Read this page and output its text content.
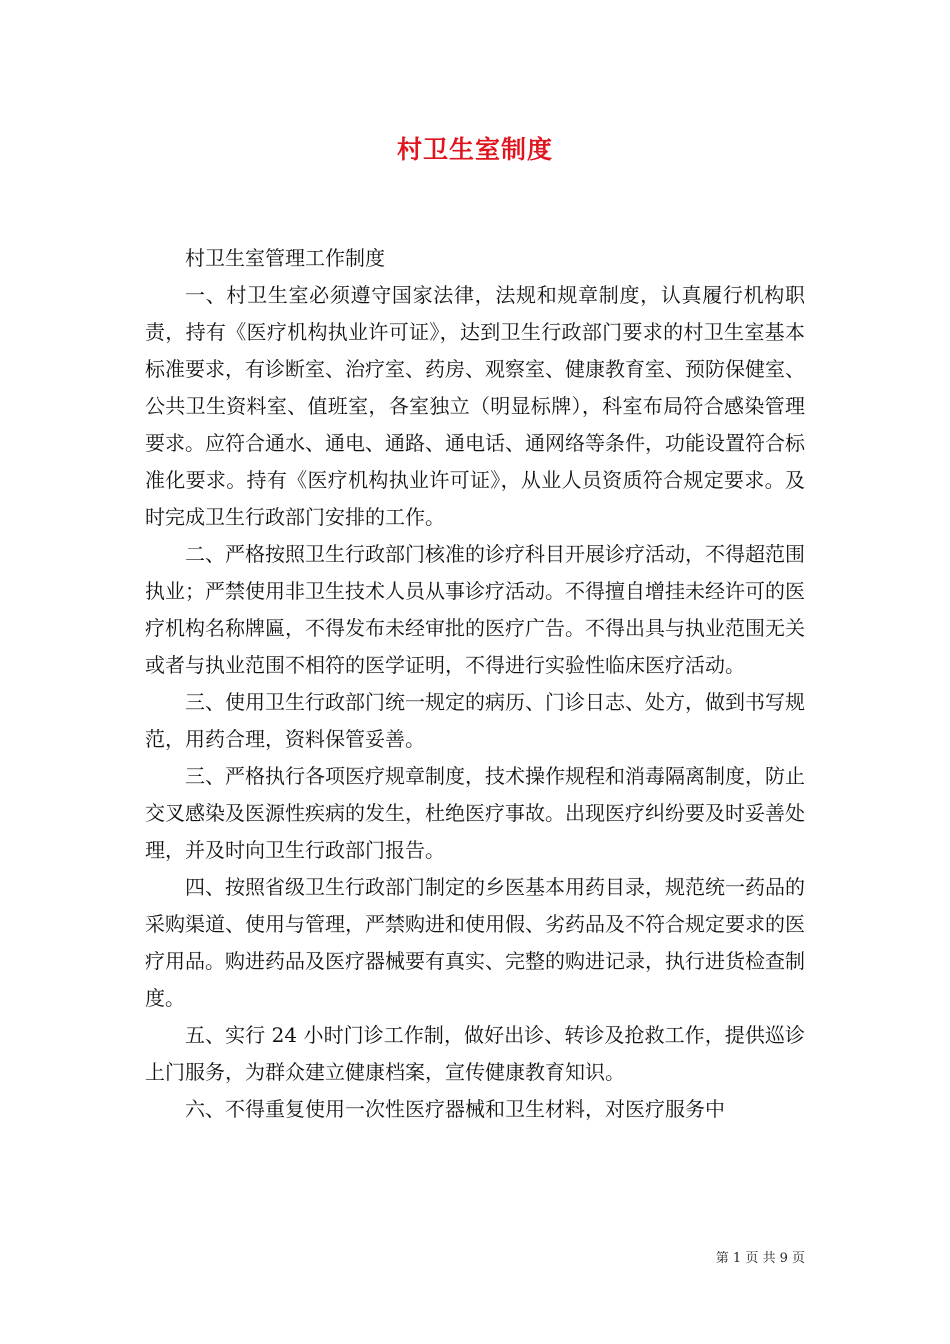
村卫生室制度

村卫生室管理工作制度

一、村卫生室必须遵守国家法律，法规和规章制度，认真履行机构职责，持有《医疗机构执业许可证》，达到卫生行政部门要求的村卫生室基本标准要求，有诊断室、治疗室、药房、观察室、健康教育室、预防保健室、公共卫生资料室、值班室，各室独立（明显标牌），科室布局符合感染管理要求。应符合通水、通电、通路、通电话、通网络等条件，功能设置符合标准化要求。持有《医疗机构执业许可证》，从业人员资质符合规定要求。及时完成卫生行政部门安排的工作。

二、严格按照卫生行政部门核准的诊疗科目开展诊疗活动，不得超范围执业；严禁使用非卫生技术人员从事诊疗活动。不得擅自增挂未经许可的医疗机构名称牌匾，不得发布未经审批的医疗广告。不得出具与执业范围无关或者与执业范围不相符的医学证明，不得进行实验性临床医疗活动。

三、使用卫生行政部门统一规定的病历、门诊日志、处方，做到书写规范，用药合理，资料保管妥善。

三、严格执行各项医疗规章制度，技术操作规程和消毒隔离制度，防止交叉感染及医源性疾病的发生，杜绝医疗事故。出现医疗纠纷要及时妥善处理，并及时向卫生行政部门报告。

四、按照省级卫生行政部门制定的乡医基本用药目录，规范统一药品的采购渠道、使用与管理，严禁购进和使用假、劣药品及不符合规定要求的医疗用品。购进药品及医疗器械要有真实、完整的购进记录，执行进货检查制度。

五、实行 24 小时门诊工作制，做好出诊、转诊及抢救工作，提供巡诊上门服务，为群众建立健康档案，宣传健康教育知识。

六、不得重复使用一次性医疗器械和卫生材料，对医疗服务中

第 1 页 共 9 页
